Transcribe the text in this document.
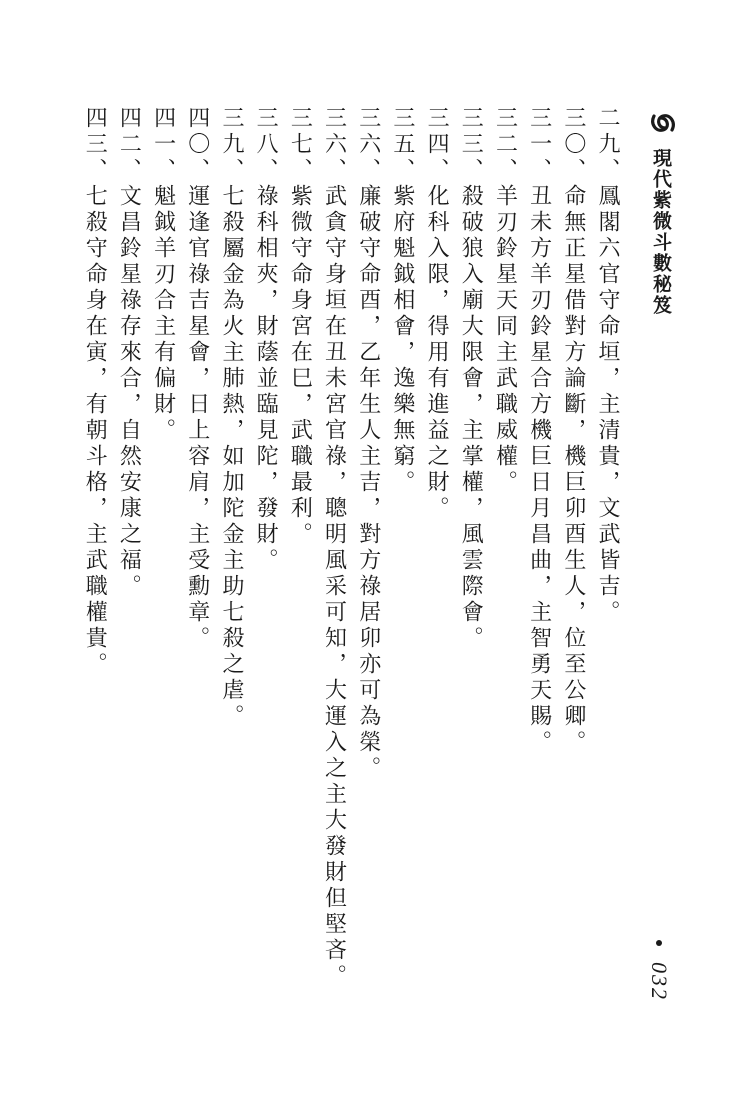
現代紫微斗數秘笈
二九、鳳閣六官守命垣，主清貴，文武皆吉。
三〇、命無正星借對方論斷，機巨卯酉生人，位至公卿。
三一、丑未方羊刃鈴星合方機巨日月昌曲，主智勇天賜。
三二、羊刃鈴星天同主武職威權。
三三、殺破狼入廟大限會，主掌權，風雲際會。
三四、化科入限，得用有進益之財。
三五、紫府魁鉞相會，逸樂無窮。
三六、廉破守命酉，乙年生人主吉，對方祿居卯亦可為榮。
三六、武貪守身垣在丑未宮官祿，聰明風采可知，大運入之主大發財但堅吝。
三七、紫微守命身宮在巳，武職最利。
三八、祿科相夾，財蔭並臨見陀，發財。
三九、七殺屬金為火主肺熱，如加陀金主助七殺之虐。
四〇、運逢官祿吉星會，日上容肩，主受勳章。
四一、魁鉞羊刃合主有偏財。
四二、文昌鈴星祿存來合，自然安康之福。
四三、七殺守命身在寅，有朝斗格，主武職權貴。
032
